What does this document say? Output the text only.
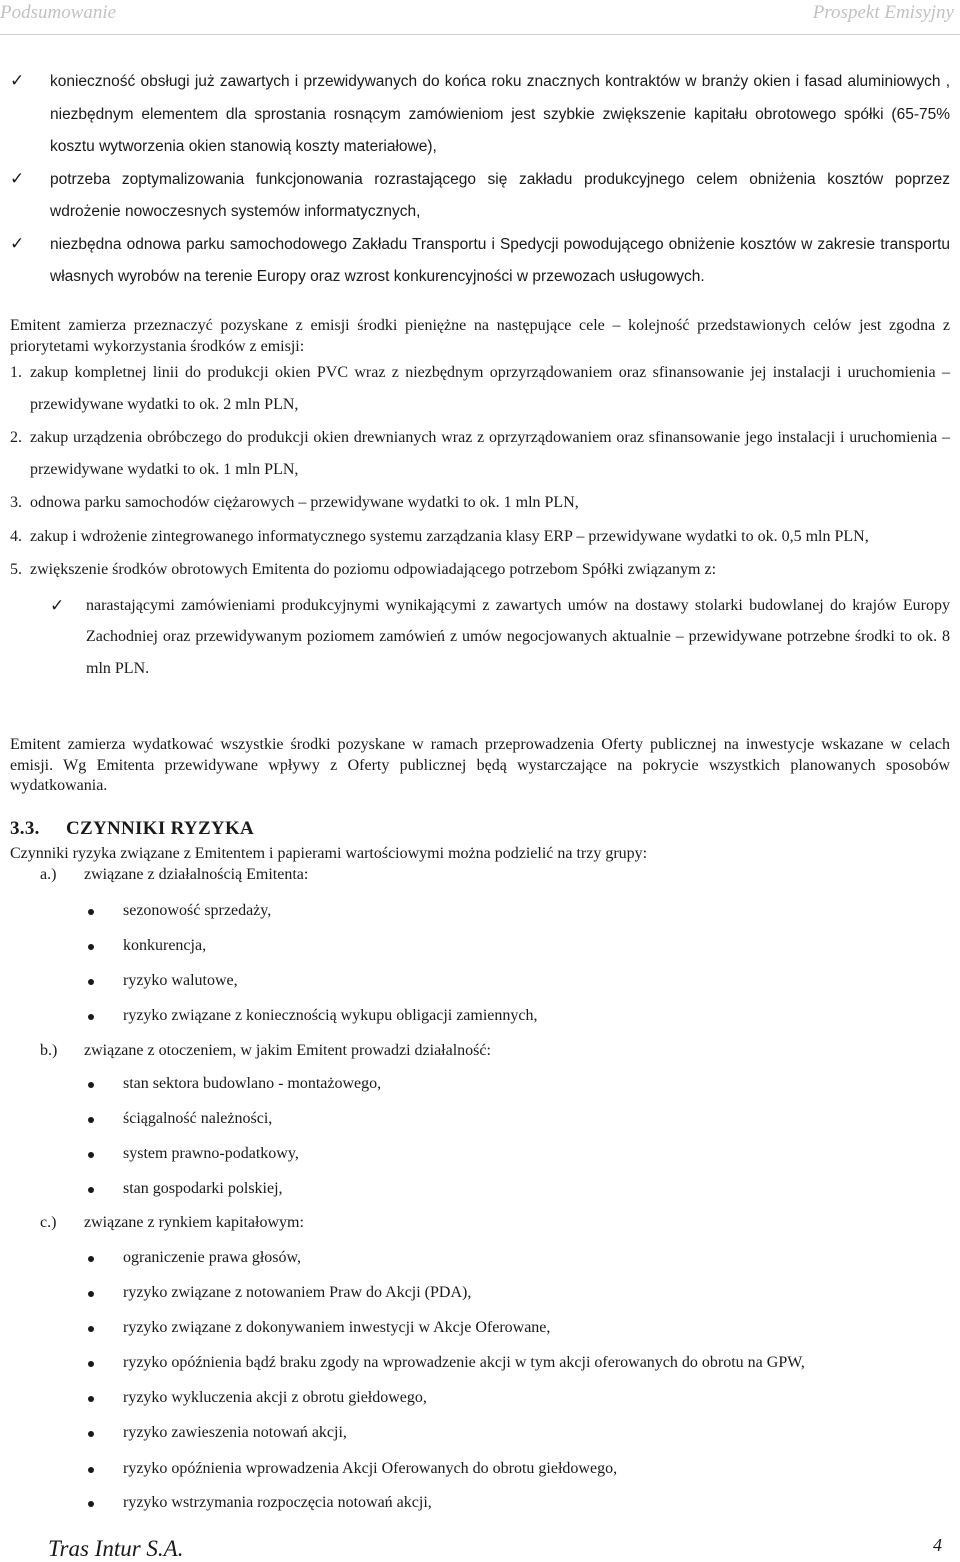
Podsumowanie	Prospekt Emisyjny
✓ konieczność obsługi już zawartych i przewidywanych do końca roku znacznych kontraktów w branży okien i fasad aluminiowych , niezbędnym elementem dla sprostania rosnącym zamówieniom jest szybkie zwiększenie kapitału obrotowego spółki (65-75% kosztu wytworzenia okien stanowią koszty materiałowe),
✓ potrzeba zoptymalizowania funkcjonowania rozrastającego się zakładu produkcyjnego celem obniżenia kosztów poprzez wdrożenie nowoczesnych systemów informatycznych,
✓ niezbędna odnowa parku samochodowego Zakładu Transportu i Spedycji powodującego obniżenie kosztów w zakresie transportu własnych wyrobów na terenie Europy oraz wzrost konkurencyjności w przewozach usługowych.
Emitent zamierza przeznaczyć pozyskane z emisji środki pieniężne na następujące cele – kolejność przedstawionych celów jest zgodna z priorytetami wykorzystania środków z emisji:
1. zakup kompletnej linii do produkcji okien PVC wraz z niezbędnym oprzyrządowaniem oraz sfinansowanie jej instalacji i uruchomienia – przewidywane wydatki to ok. 2 mln PLN,
2. zakup urządzenia obróbczego do produkcji okien drewnianych wraz z oprzyrządowaniem oraz sfinansowanie jego instalacji i uruchomienia – przewidywane wydatki to ok. 1 mln PLN,
3. odnowa parku samochodów ciężarowych – przewidywane wydatki to ok. 1 mln PLN,
4. zakup i wdrożenie zintegrowanego informatycznego systemu zarządzania klasy ERP – przewidywane wydatki to ok. 0,5 mln PLN,
5. zwiększenie środków obrotowych Emitenta do poziomu odpowiadającego potrzebom Spółki związanym z:
✓ narastającymi zamówieniami produkcyjnymi wynikającymi z zawartych umów na dostawy stolarki budowlanej do krajów Europy Zachodniej oraz przewidywanym poziomem zamówień z umów negocjowanych aktualnie – przewidywane potrzebne środki to ok. 8 mln PLN.
Emitent zamierza wydatkować wszystkie środki pozyskane w ramach przeprowadzenia Oferty publicznej na inwestycje wskazane w celach emisji. Wg Emitenta przewidywane wpływy z Oferty publicznej będą wystarczające na pokrycie wszystkich planowanych sposobów wydatkowania.
3.3. CZYNNIKI RYZYKA
Czynniki ryzyka związane z Emitentem i papierami wartościowymi można podzielić na trzy grupy:
a.) związane z działalnością Emitenta:
sezonowość sprzedaży,
konkurencja,
ryzyko walutowe,
ryzyko związane z koniecznością wykupu obligacji zamiennych,
b.) związane z otoczeniem, w jakim Emitent prowadzi działalność:
stan sektora budowlano - montażowego,
ściągalność należności,
system prawno-podatkowy,
stan gospodarki polskiej,
c.) związane z rynkiem kapitałowym:
ograniczenie prawa głosów,
ryzyko związane z notowaniem Praw do Akcji (PDA),
ryzyko związane z dokonywaniem inwestycji w Akcje Oferowane,
ryzyko opóźnienia bądź braku zgody na wprowadzenie akcji w tym akcji oferowanych do obrotu na GPW,
ryzyko wykluczenia akcji z obrotu giełdowego,
ryzyko zawieszenia notowań akcji,
ryzyko opóźnienia wprowadzenia Akcji Oferowanych do obrotu giełdowego,
ryzyko wstrzymania rozpoczęcia notowań akcji,
Tras Intur S.A.	4
